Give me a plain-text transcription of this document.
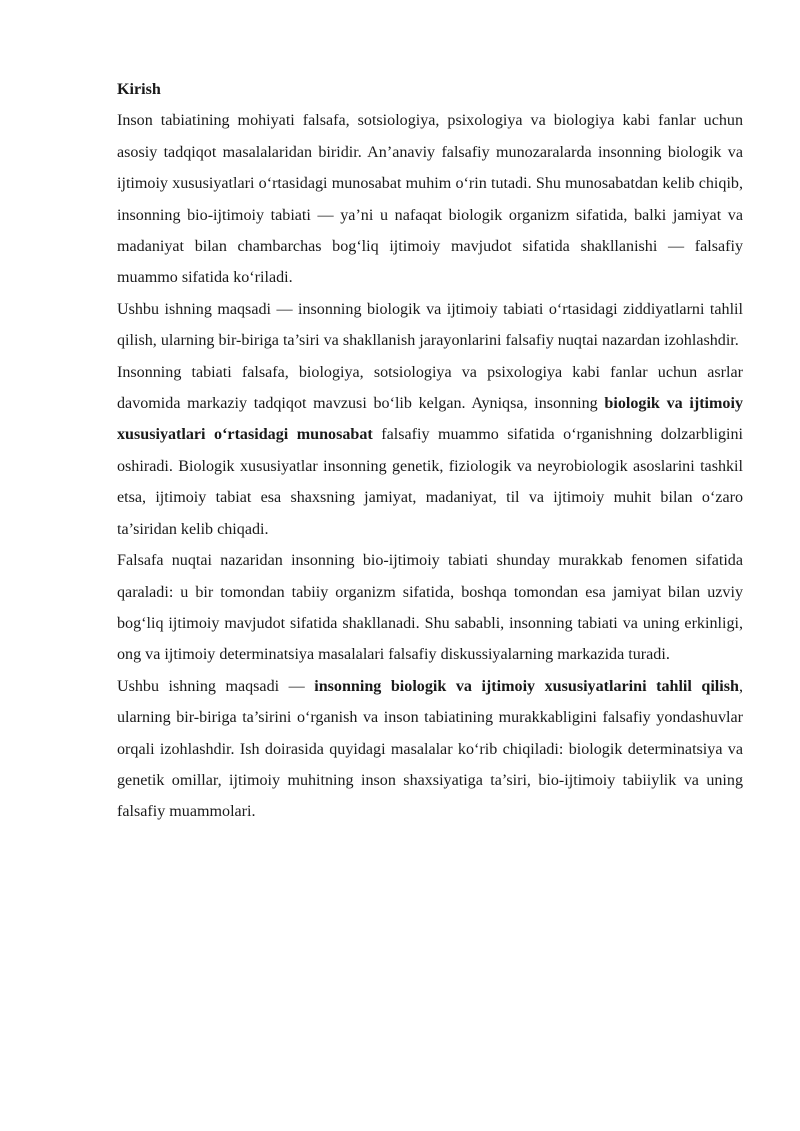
Kirish

Inson tabiatining mohiyati falsafa, sotsiologiya, psixologiya va biologiya kabi fanlar uchun asosiy tadqiqot masalalaridan biridir. An’anaviy falsafiy munozaralarda insonning biologik va ijtimoiy xususiyatlari o‘rtasidagi munosabat muhim o‘rin tutadi. Shu munosabatdan kelib chiqib, insonning bio-ijtimoiy tabiati — ya’ni u nafaqat biologik organizm sifatida, balki jamiyat va madaniyat bilan chambarchas bog‘liq ijtimoiy mavjudot sifatida shakllanishi — falsafiy muammo sifatida ko‘riladi.

Ushbu ishning maqsadi — insonning biologik va ijtimoiy tabiati o‘rtasidagi ziddiyatlarni tahlil qilish, ularning bir-biriga ta’siri va shakllanish jarayonlarini falsafiy nuqtai nazardan izohlashdir.

Insonning tabiati falsafa, biologiya, sotsiologiya va psixologiya kabi fanlar uchun asrlar davomida markaziy tadqiqot mavzusi bo‘lib kelgan. Ayniqsa, insonning biologik va ijtimoiy xususiyatlari o‘rtasidagi munosabat falsafiy muammo sifatida o‘rganishning dolzarbligini oshiradi. Biologik xususiyatlar insonning genetik, fiziologik va neyrobiologik asoslarini tashkil etsa, ijtimoiy tabiat esa shaxsning jamiyat, madaniyat, til va ijtimoiy muhit bilan o‘zaro ta’siridan kelib chiqadi.

Falsafa nuqtai nazaridan insonning bio-ijtimoiy tabiati shunday murakkab fenomen sifatida qaraladi: u bir tomondan tabiiy organizm sifatida, boshqa tomondan esa jamiyat bilan uzviy bog‘liq ijtimoiy mavjudot sifatida shakllanadi. Shu sababli, insonning tabiati va uning erkinligi, ong va ijtimoiy determinatsiya masalalari falsafiy diskussiyalarning markazida turadi.

Ushbu ishning maqsadi — insonning biologik va ijtimoiy xususiyatlarini tahlil qilish, ularning bir-biriga ta’sirini o‘rganish va inson tabiatining murakkabligini falsafiy yondashuvlar orqali izohlashdir. Ish doirasida quyidagi masalalar ko‘rib chiqiladi: biologik determinatsiya va genetik omillar, ijtimoiy muhitning inson shaxsiyatiga ta’siri, bio-ijtimoiy tabiiylik va uning falsafiy muammolari.
